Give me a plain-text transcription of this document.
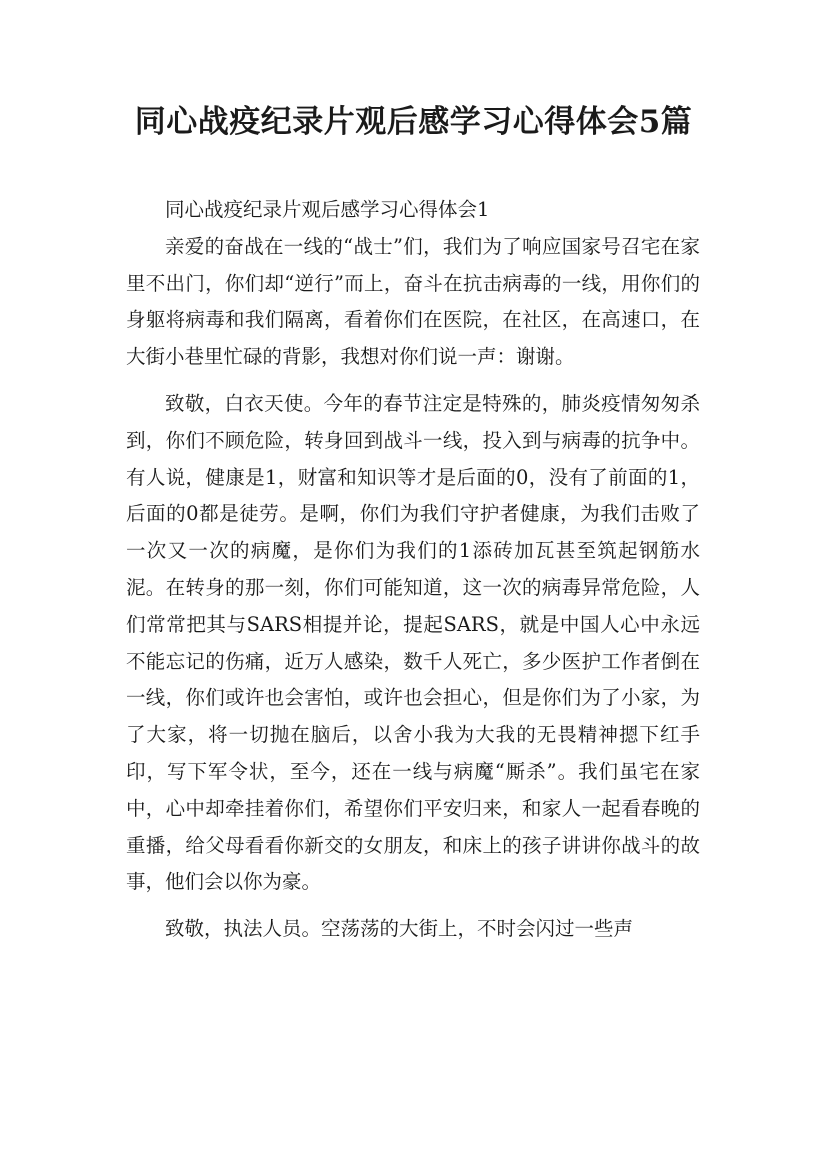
同心战疫纪录片观后感学习心得体会5篇

同心战疫纪录片观后感学习心得体会1

亲爱的奋战在一线的“战士”们，我们为了响应国家号召宅在家里不出门，你们却“逆行”而上，奋斗在抗击病毒的一线，用你们的身躯将病毒和我们隔离，看着你们在医院，在社区，在高速口，在大街小巷里忙碌的背影，我想对你们说一声：谢谢。

致敬，白衣天使。今年的春节注定是特殊的，肺炎疫情匆匆杀到，你们不顾危险，转身回到战斗一线，投入到与病毒的抗争中。有人说，健康是1，财富和知识等才是后面的0，没有了前面的1，后面的0都是徒劳。是啊，你们为我们守护者健康，为我们击败了一次又一次的病魔，是你们为我们的1添砖加瓦甚至筑起钢筋水泥。在转身的那一刻，你们可能知道，这一次的病毒异常危险，人们常常把其与SARS相提并论，提起SARS，就是中国人心中永远不能忘记的伤痛，近万人感染，数千人死亡，多少医护工作者倒在一线，你们或许也会害怕，或许也会担心，但是你们为了小家，为了大家，将一切抛在脑后，以舍小我为大我的无畏精神摁下红手印，写下军令状，至今，还在一线与病魔“厮杀”。我们虽宅在家中，心中却牵挂着你们，希望你们平安归来，和家人一起看春晚的重播，给父母看看你新交的女朋友，和床上的孩子讲讲你战斗的故事，他们会以你为豪。

致敬，执法人员。空荡荡的大街上，不时会闪过一些声
